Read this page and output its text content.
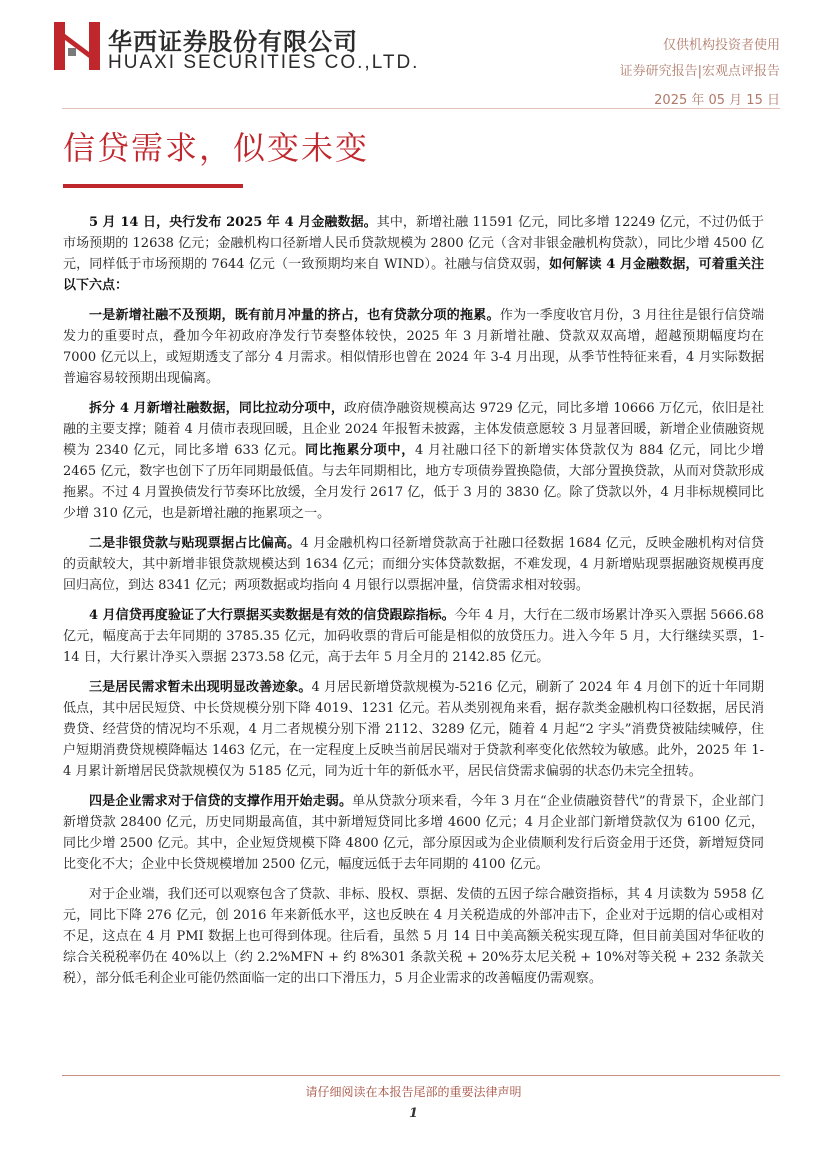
华西证券股份有限公司
HUAXI SECURITIES CO.,LTD.
仅供机构投资者使用
证券研究报告|宏观点评报告
2025 年 05 月 15 日
信贷需求，似变未变

5 月 14 日，央行发布 2025 年 4 月金融数据。其中，新增社融 11591 亿元，同比多增 12249 亿元，不过仍低于市场预期的 12638 亿元；金融机构口径新增人民币贷款规模为 2800 亿元（含对非银金融机构贷款），同比少增 4500 亿元，同样低于市场预期的 7644 亿元（一致预期均来自 WIND）。社融与信贷双弱，如何解读 4 月金融数据，可着重关注以下六点：

一是新增社融不及预期，既有前月冲量的挤占，也有贷款分项的拖累。作为一季度收官月份，3 月往往是银行信贷端发力的重要时点，叠加今年初政府净发行节奏整体较快，2025 年 3 月新增社融、贷款双双高增，超越预期幅度均在 7000 亿元以上，或短期透支了部分 4 月需求。相似情形也曾在 2024 年 3-4 月出现，从季节性特征来看，4 月实际数据普遍容易较预期出现偏离。

拆分 4 月新增社融数据，同比拉动分项中，政府债净融资规模高达 9729 亿元，同比多增 10666 万亿元，依旧是社融的主要支撑；随着 4 月债市表现回暖，且企业 2024 年报暂未披露，主体发债意愿较 3 月显著回暖，新增企业债融资规模为 2340 亿元，同比多增 633 亿元。同比拖累分项中，4 月社融口径下的新增实体贷款仅为 884 亿元，同比少增 2465 亿元，数字也创下了历年同期最低值。与去年同期相比，地方专项债券置换隐债，大部分置换贷款，从而对贷款形成拖累。不过 4 月置换债发行节奏环比放缓，全月发行 2617 亿，低于 3 月的 3830 亿。除了贷款以外，4 月非标规模同比少增 310 亿元，也是新增社融的拖累项之一。

二是非银贷款与贴现票据占比偏高。4 月金融机构口径新增贷款高于社融口径数据 1684 亿元，反映金融机构对信贷的贡献较大，其中新增非银贷款规模达到 1634 亿元；而细分实体贷款数据，不难发现，4 月新增贴现票据融资规模再度回归高位，到达 8341 亿元；两项数据或均指向 4 月银行以票据冲量，信贷需求相对较弱。

4 月信贷再度验证了大行票据买卖数据是有效的信贷跟踪指标。今年 4 月，大行在二级市场累计净买入票据 5666.68 亿元，幅度高于去年同期的 3785.35 亿元，加码收票的背后可能是相似的放贷压力。进入今年 5 月，大行继续买票，1-14 日，大行累计净买入票据 2373.58 亿元，高于去年 5 月全月的 2142.85 亿元。

三是居民需求暂未出现明显改善迹象。4 月居民新增贷款规模为-5216 亿元，刷新了 2024 年 4 月创下的近十年同期低点，其中居民短贷、中长贷规模分别下降 4019、1231 亿元。若从类别视角来看，据存款类金融机构口径数据，居民消费贷、经营贷的情况均不乐观，4 月二者规模分别下滑 2112、3289 亿元，随着 4 月起“2 字头”消费贷被陆续喊停，住户短期消费贷规模降幅达 1463 亿元，在一定程度上反映当前居民端对于贷款利率变化依然较为敏感。此外，2025 年 1-4 月累计新增居民贷款规模仅为 5185 亿元，同为近十年的新低水平，居民信贷需求偏弱的状态仍未完全扭转。

四是企业需求对于信贷的支撑作用开始走弱。单从贷款分项来看，今年 3 月在“企业债融资替代”的背景下，企业部门新增贷款 28400 亿元，历史同期最高值，其中新增短贷同比多增 4600 亿元；4 月企业部门新增贷款仅为 6100 亿元，同比少增 2500 亿元。其中，企业短贷规模下降 4800 亿元，部分原因或为企业债顺利发行后资金用于还贷，新增短贷同比变化不大；企业中长贷规模增加 2500 亿元，幅度远低于去年同期的 4100 亿元。

对于企业端，我们还可以观察包含了贷款、非标、股权、票据、发债的五因子综合融资指标，其 4 月读数为 5958 亿元，同比下降 276 亿元，创 2016 年来新低水平，这也反映在 4 月关税造成的外部冲击下，企业对于远期的信心或相对不足，这点在 4 月 PMI 数据上也可得到体现。往后看，虽然 5 月 14 日中美高额关税实现互降，但目前美国对华征收的综合关税税率仍在 40%以上（约 2.2%MFN + 约 8%301 条款关税 + 20%芬太尼关税 + 10%对等关税 + 232 条款关税），部分低毛利企业可能仍然面临一定的出口下滑压力，5 月企业需求的改善幅度仍需观察。

请仔细阅读在本报告尾部的重要法律声明
1
